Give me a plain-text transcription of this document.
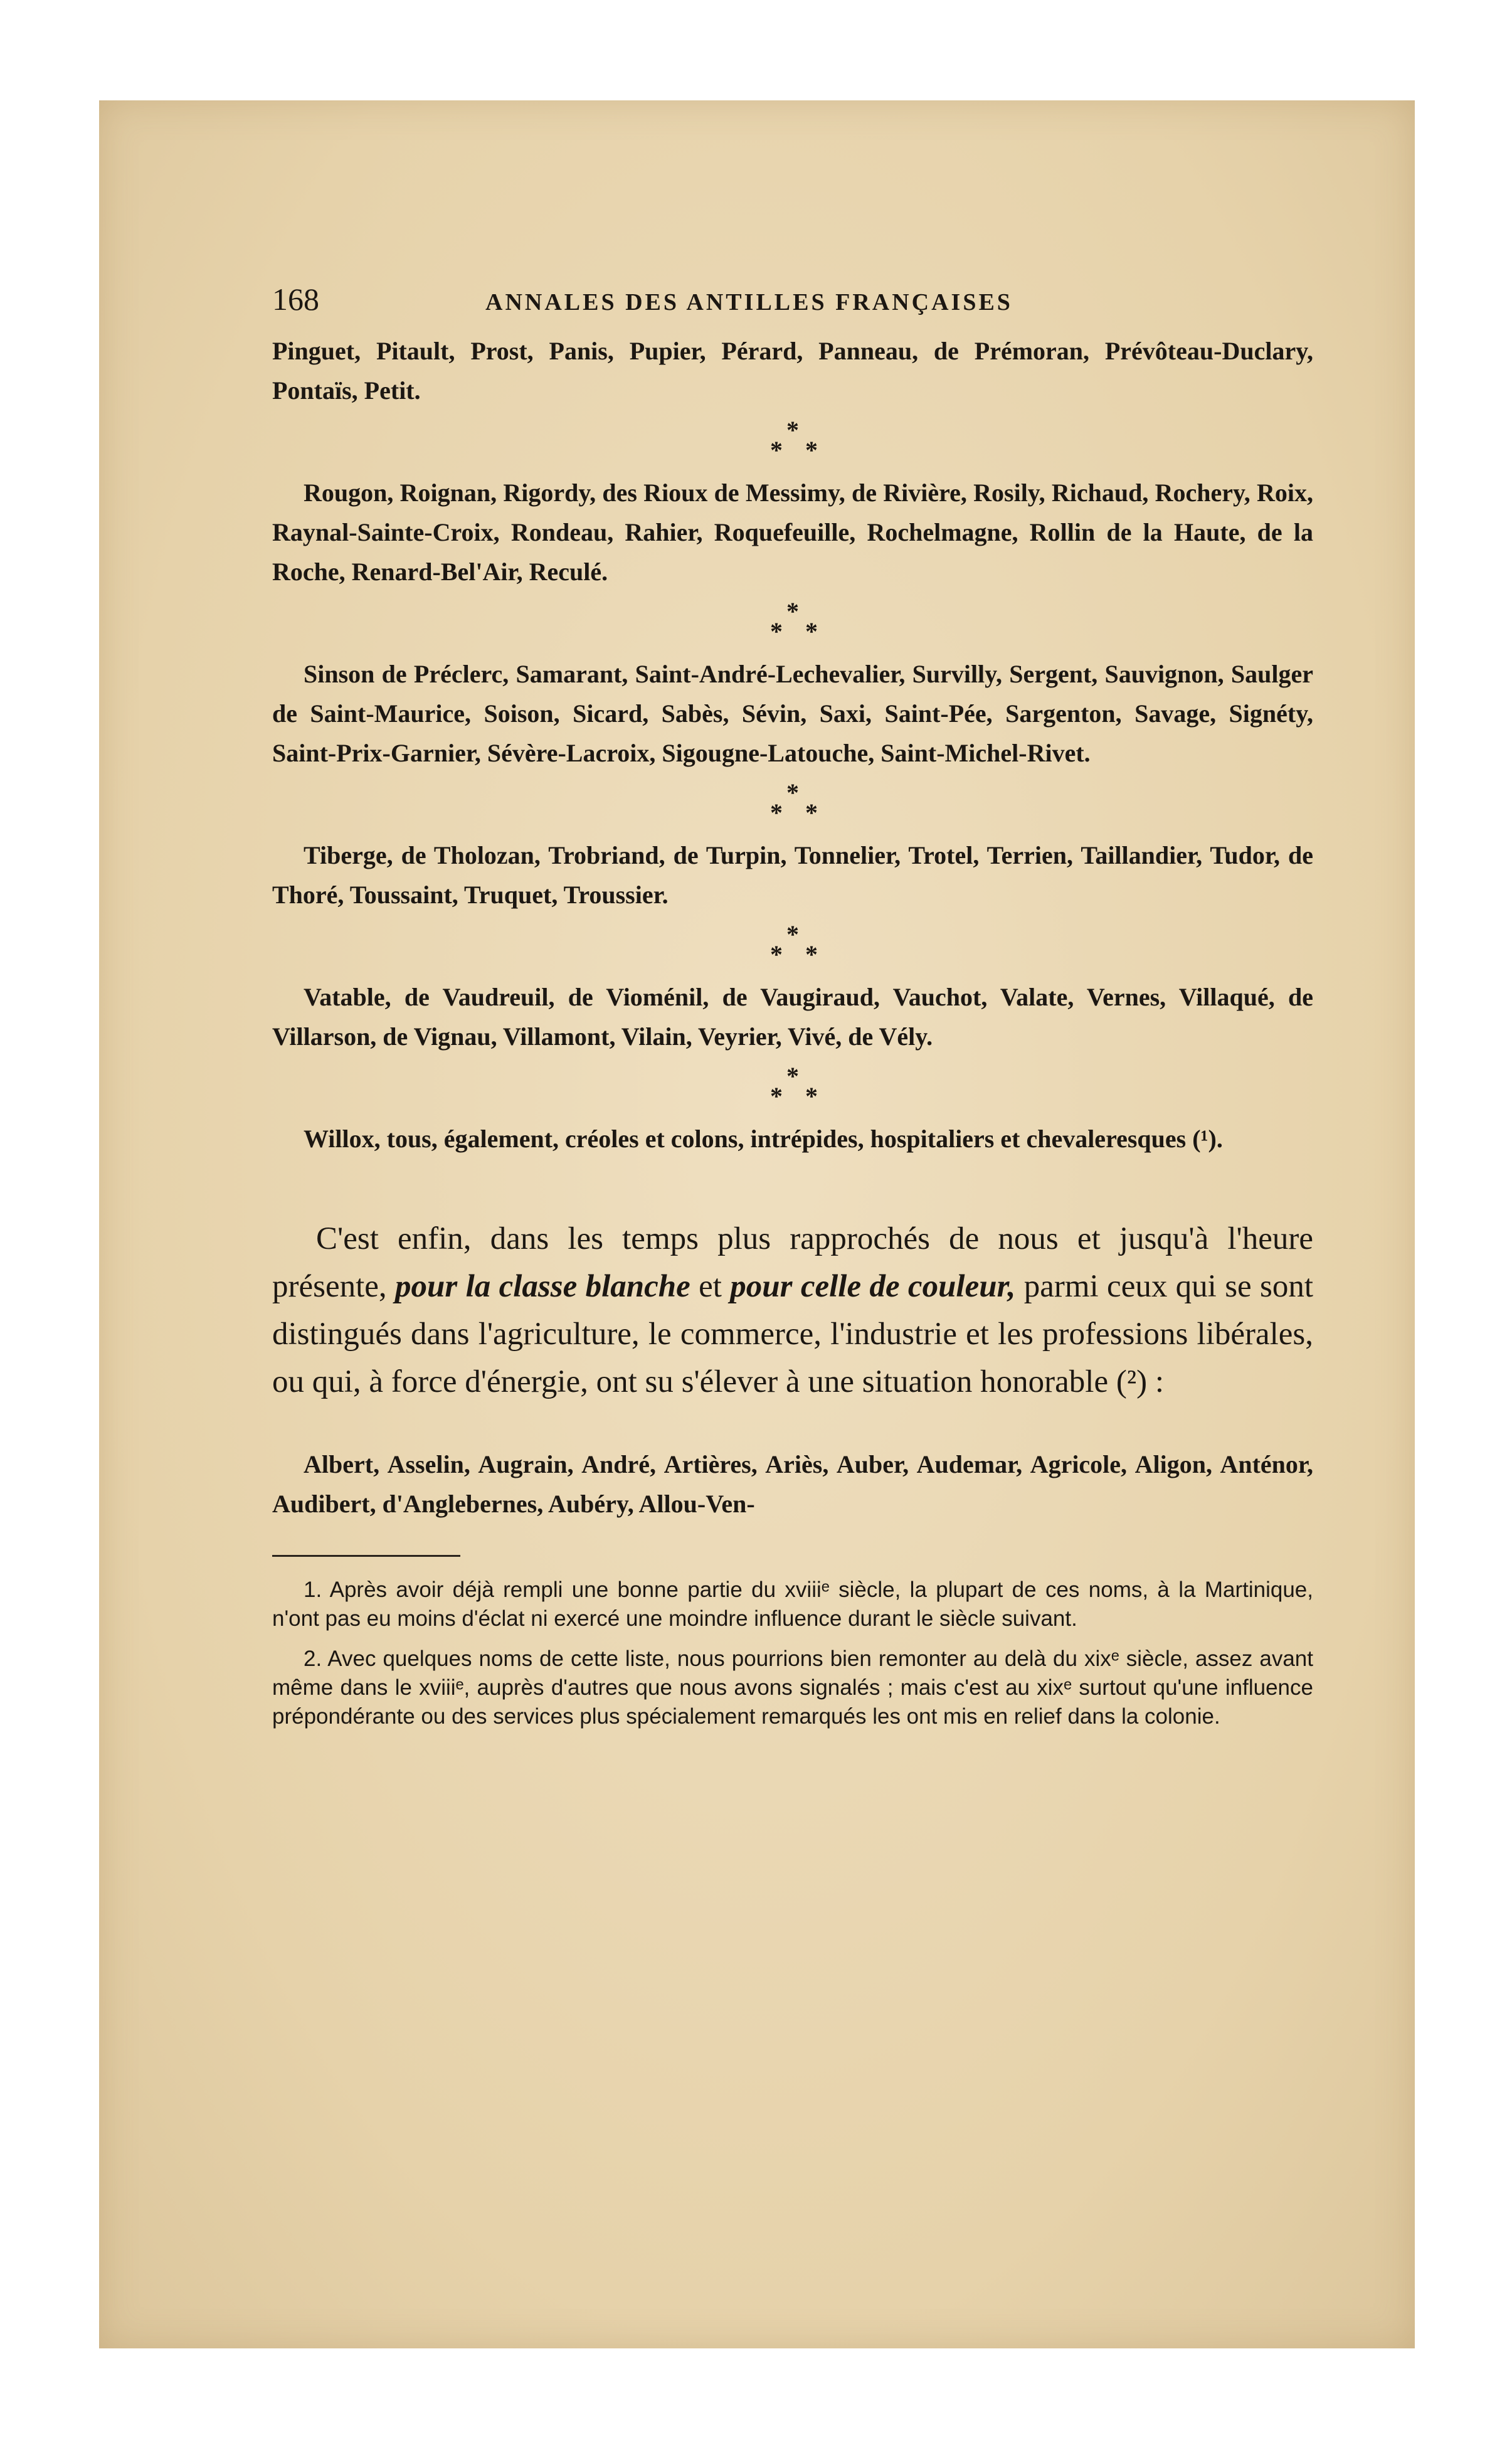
168	ANNALES DES ANTILLES FRANÇAISES

Pinguet, Pitault, Prost, Panis, Pupier, Pérard, Panneau, de Prémoran, Prévôteau-Duclary, Pontaïs, Petit.

*
* *

Rougon, Roignan, Rigordy, des Rioux de Messimy, de Rivière, Rosily, Richaud, Rochery, Roix, Raynal-Sainte-Croix, Rondeau, Rahier, Roquefeuille, Rochelmagne, Rollin de la Haute, de la Roche, Renard-Bel'Air, Reculé.

*
* *

Sinson de Préclerc, Samarant, Saint-André-Lechevalier, Survilly, Sergent, Sauvignon, Saulger de Saint-Maurice, Soison, Sicard, Sabès, Sévin, Saxi, Saint-Pée, Sargenton, Savage, Signéty, Saint-Prix-Garnier, Sévère-Lacroix, Sigougne-Latouche, Saint-Michel-Rivet.

*
* *

Tiberge, de Tholozan, Trobriand, de Turpin, Tonnelier, Trotel, Terrien, Taillandier, Tudor, de Thoré, Toussaint, Truquet, Troussier.

*
* *

Vatable, de Vaudreuil, de Vioménil, de Vaugiraud, Vauchot, Valate, Vernes, Villaqué, de Villarson, de Vignau, Villamont, Vilain, Veyrier, Vivé, de Vély.

*
* *

Willox, tous, également, créoles et colons, intrépides, hospitaliers et chevaleresques (¹).

C'est enfin, dans les temps plus rapprochés de nous et jusqu'à l'heure présente, pour la classe blanche et pour celle de couleur, parmi ceux qui se sont distingués dans l'agriculture, le commerce, l'industrie et les professions libérales, ou qui, à force d'énergie, ont su s'élever à une situation honorable (²) :

Albert, Asselin, Augrain, André, Artières, Ariès, Auber, Audemar, Agricole, Aligon, Anténor, Audibert, d'Anglebernes, Aubéry, Allou-Ven-

1. Après avoir déjà rempli une bonne partie du xviiiᵉ siècle, la plupart de ces noms, à la Martinique, n'ont pas eu moins d'éclat ni exercé une moindre influence durant le siècle suivant.

2. Avec quelques noms de cette liste, nous pourrions bien remonter au delà du xixᵉ siècle, assez avant même dans le xviiiᵉ, auprès d'autres que nous avons signalés ; mais c'est au xixᵉ surtout qu'une influence prépondérante ou des services plus spécialement remarqués les ont mis en relief dans la colonie.
